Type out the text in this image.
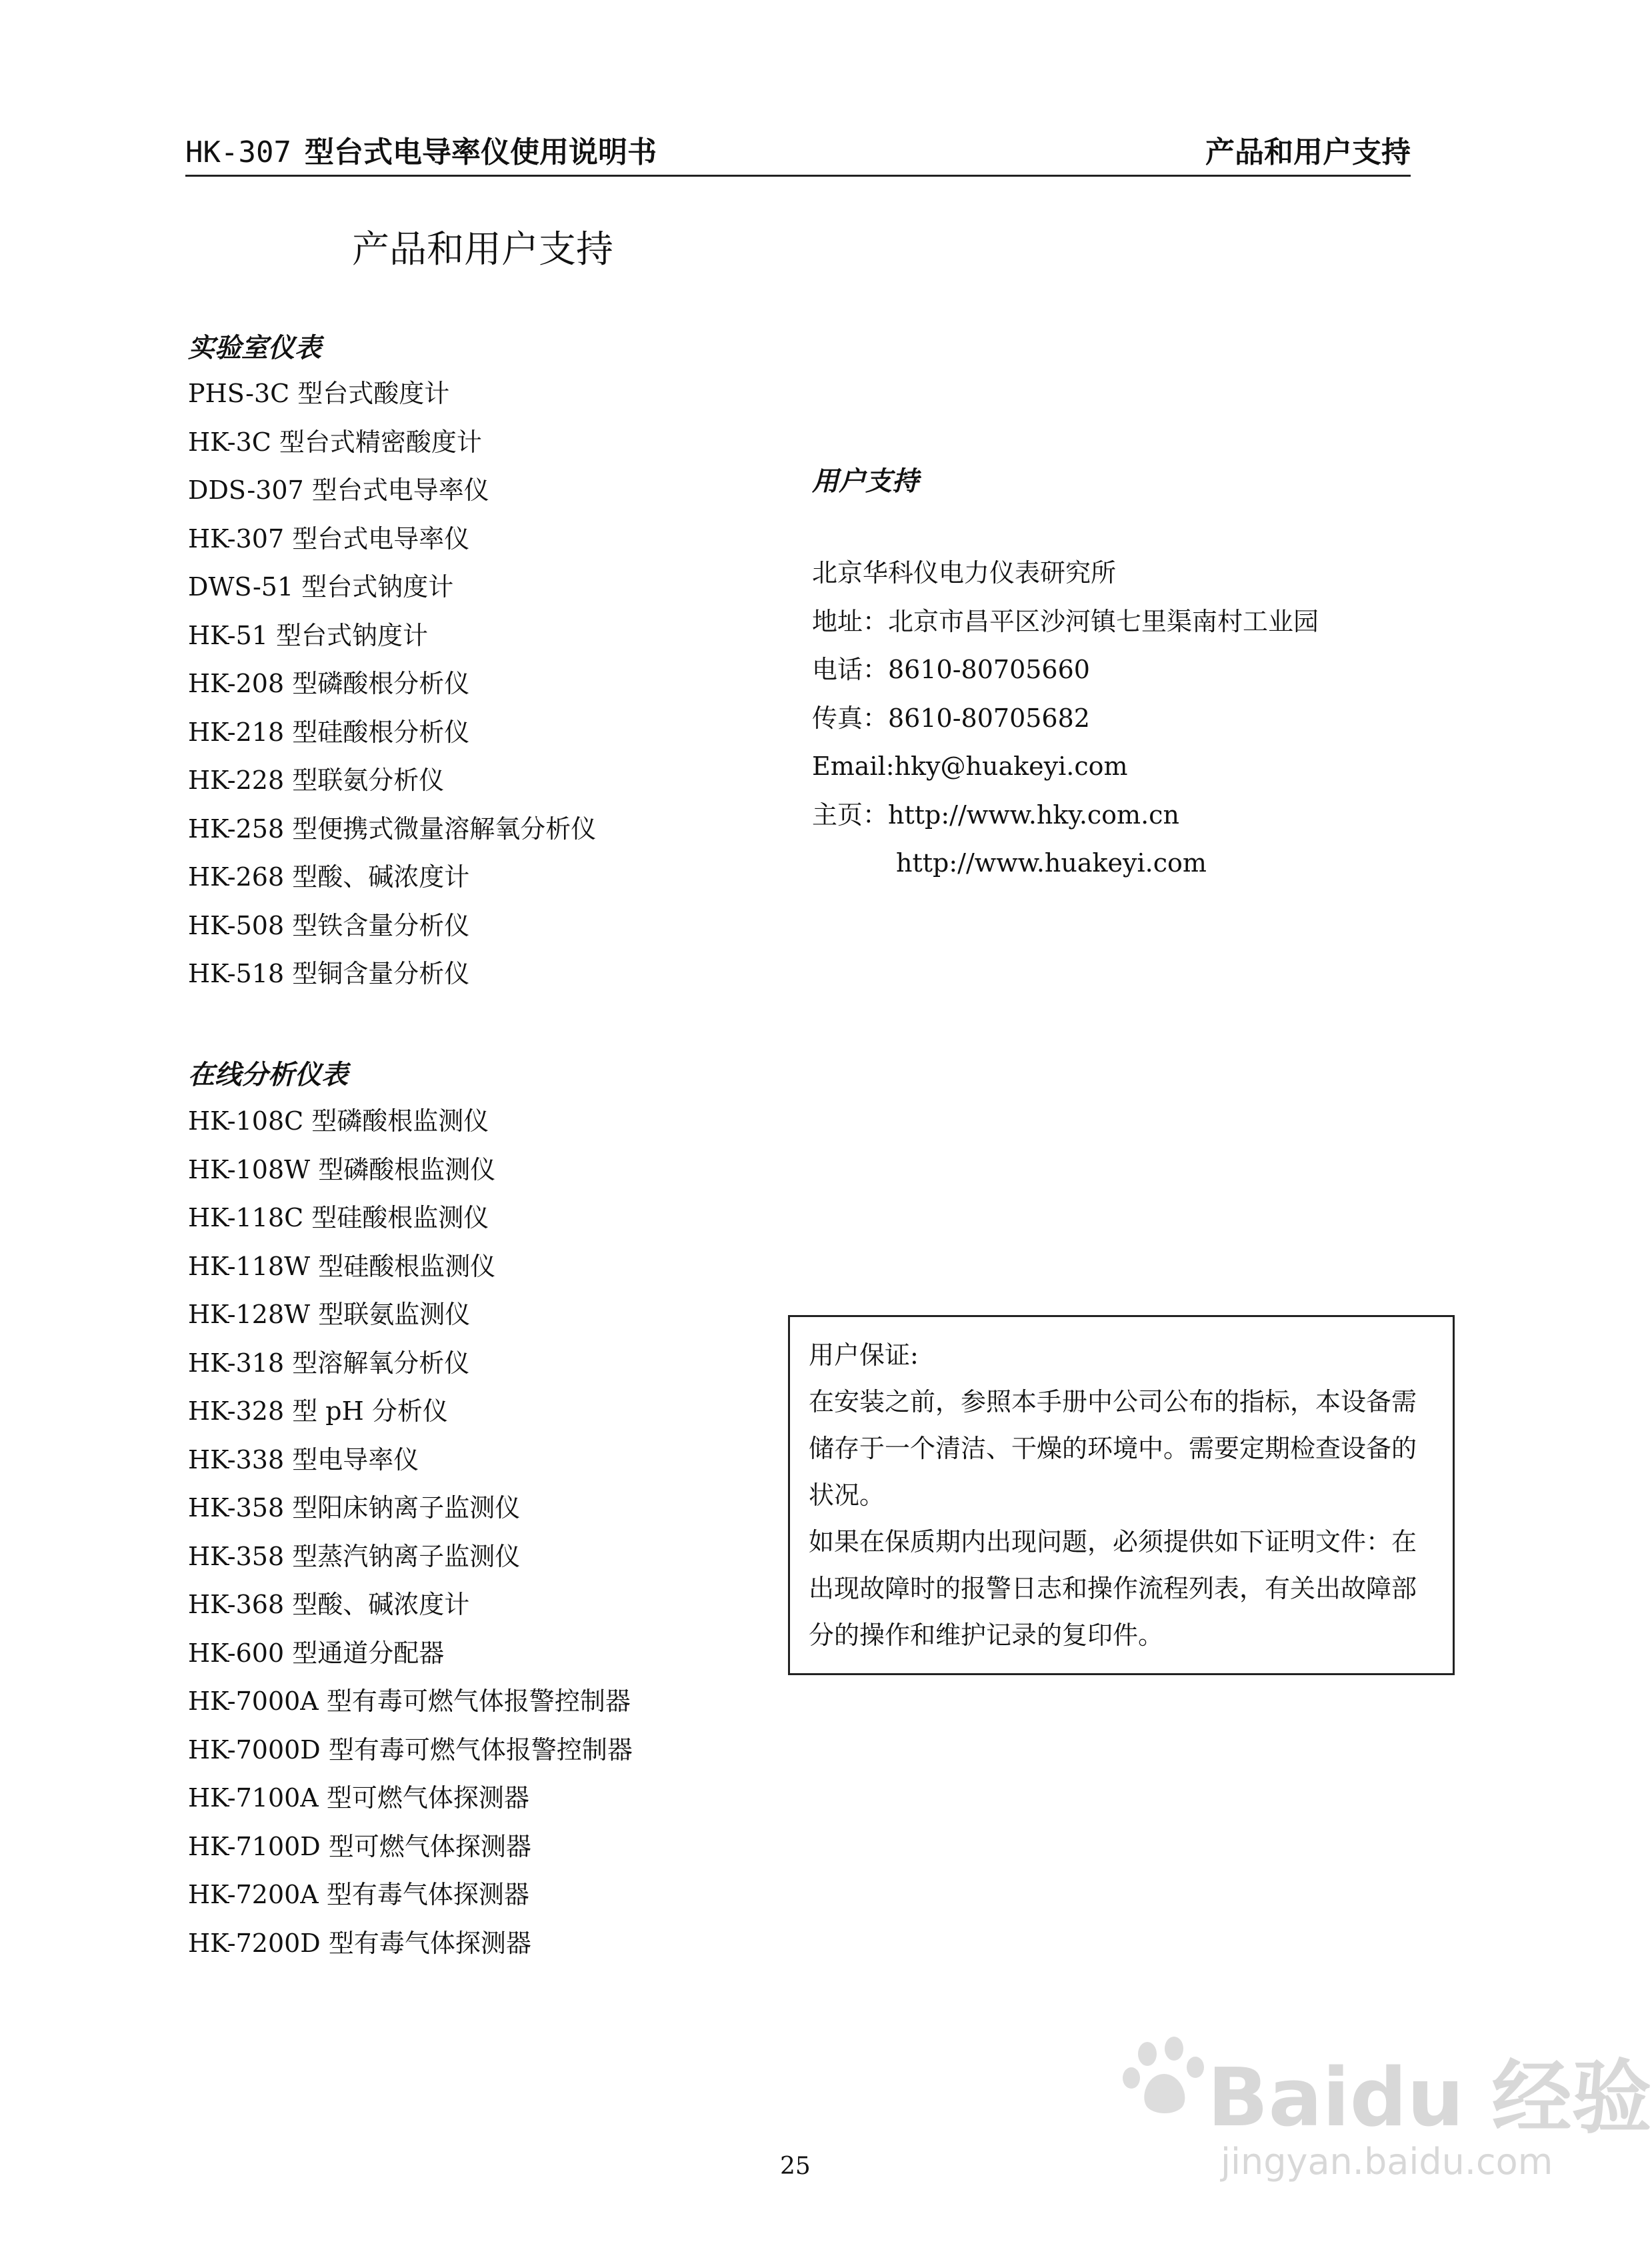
HK-307 型台式电导率仪使用说明书	产品和用户支持
产品和用户支持
实验室仪表
PHS-3C 型台式酸度计
HK-3C 型台式精密酸度计
DDS-307 型台式电导率仪
HK-307 型台式电导率仪
DWS-51 型台式钠度计
HK-51 型台式钠度计
HK-208 型磷酸根分析仪
HK-218 型硅酸根分析仪
HK-228 型联氨分析仪
HK-258 型便携式微量溶解氧分析仪
HK-268 型酸、碱浓度计
HK-508 型铁含量分析仪
HK-518 型铜含量分析仪
在线分析仪表
HK-108C 型磷酸根监测仪
HK-108W 型磷酸根监测仪
HK-118C 型硅酸根监测仪
HK-118W 型硅酸根监测仪
HK-128W 型联氨监测仪
HK-318 型溶解氧分析仪
HK-328 型 pH 分析仪
HK-338 型电导率仪
HK-358 型阳床钠离子监测仪
HK-358 型蒸汽钠离子监测仪
HK-368 型酸、碱浓度计
HK-600 型通道分配器
HK-7000A 型有毒可燃气体报警控制器
HK-7000D 型有毒可燃气体报警控制器
HK-7100A 型可燃气体探测器
HK-7100D 型可燃气体探测器
HK-7200A 型有毒气体探测器
HK-7200D 型有毒气体探测器
用户支持
北京华科仪电力仪表研究所
地址：北京市昌平区沙河镇七里渠南村工业园
电话：8610-80705660
传真：8610-80705682
Email:hky@huakeyi.com
主页：http://www.hky.com.cn
http://www.huakeyi.com

用户保证:

在安装之前，参照本手册中公司公布的指标，本设备需储存于一个清洁、干燥的环境中。需要定期检查设备的状况。

如果在保质期内出现问题，必须提供如下证明文件：在出现故障时的报警日志和操作流程列表，有关出故障部分的操作和维护记录的复印件。

25
Baidu 经验
jingyan.baidu.com
